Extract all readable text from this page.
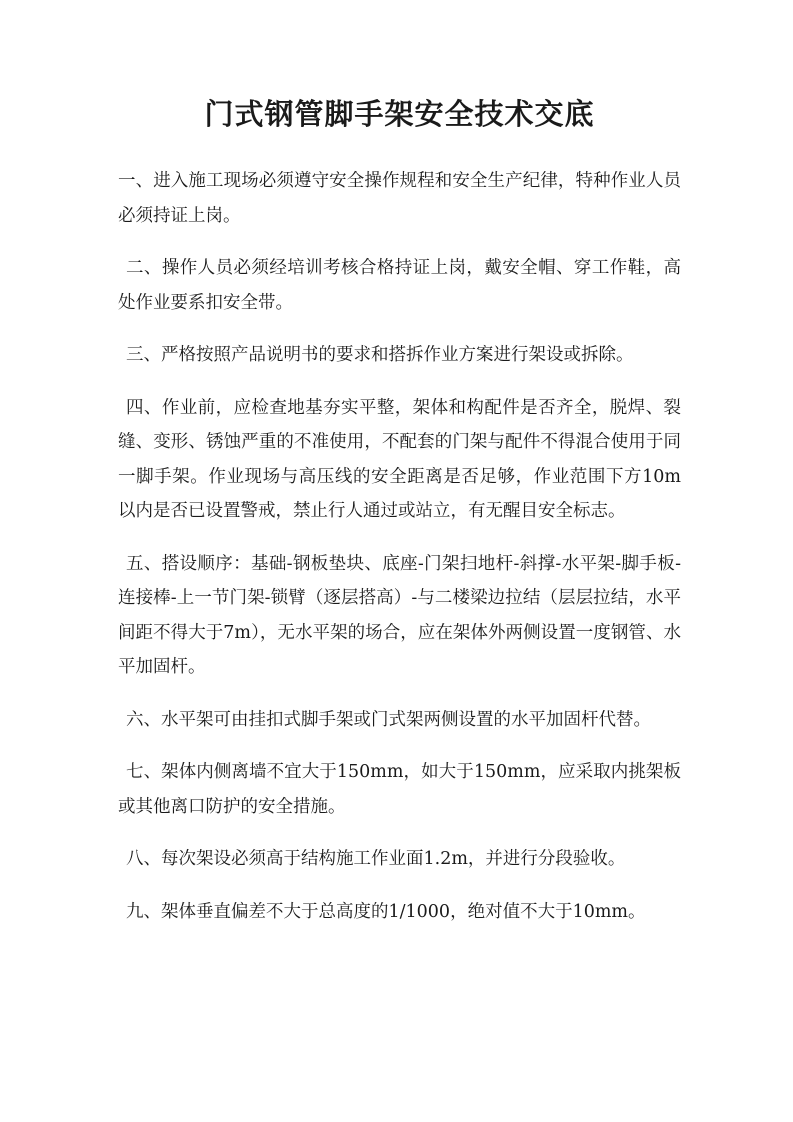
门式钢管脚手架安全技术交底

一、进入施工现场必须遵守安全操作规程和安全生产纪律，特种作业人员必须持证上岗。

二、操作人员必须经培训考核合格持证上岗，戴安全帽、穿工作鞋，高处作业要系扣安全带。

三、严格按照产品说明书的要求和搭拆作业方案进行架设或拆除。

四、作业前，应检查地基夯实平整，架体和构配件是否齐全，脱焊、裂缝、变形、锈蚀严重的不准使用，不配套的门架与配件不得混合使用于同一脚手架。作业现场与高压线的安全距离是否足够，作业范围下方10m以内是否已设置警戒，禁止行人通过或站立，有无醒目安全标志。

五、搭设顺序：基础-钢板垫块、底座-门架扫地杆-斜撑-水平架-脚手板-连接棒-上一节门架-锁臂（逐层搭高）-与二楼梁边拉结（层层拉结，水平间距不得大于7m），无水平架的场合，应在架体外两侧设置一度钢管、水平加固杆。

六、水平架可由挂扣式脚手架或门式架两侧设置的水平加固杆代替。

七、架体内侧离墙不宜大于150mm，如大于150mm，应采取内挑架板或其他离口防护的安全措施。

八、每次架设必须高于结构施工作业面1.2m，并进行分段验收。

九、架体垂直偏差不大于总高度的1/1000，绝对值不大于10mm。
